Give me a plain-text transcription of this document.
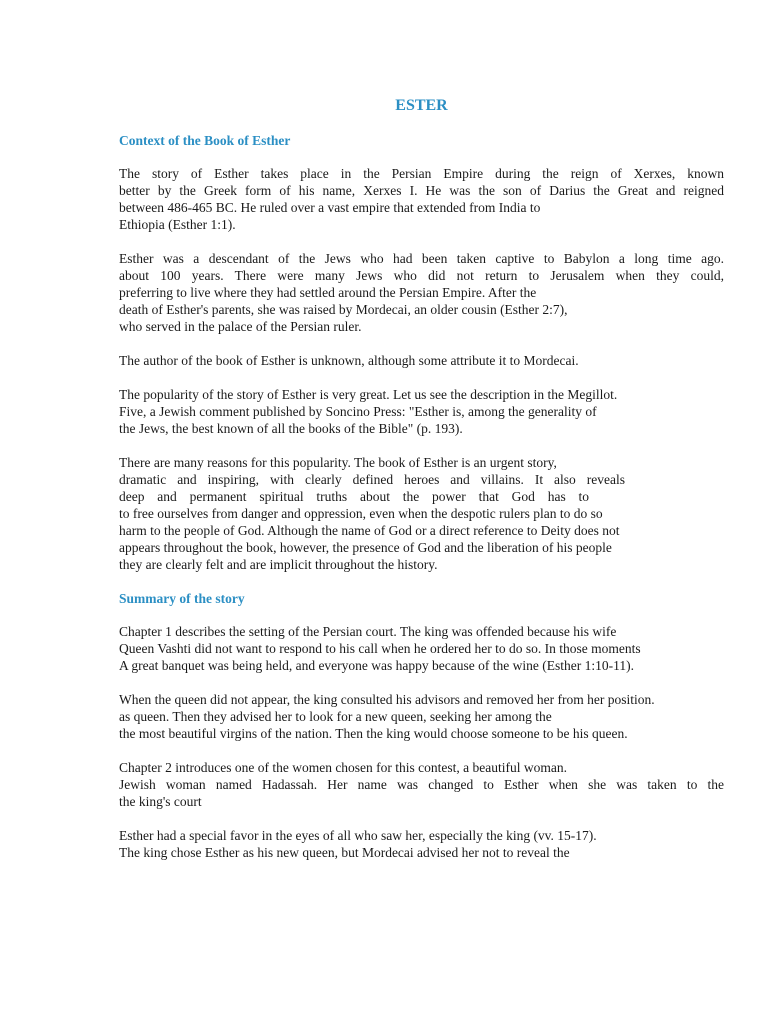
ESTER
Context of the Book of Esther
The story of Esther takes place in the Persian Empire during the reign of Xerxes, known
better by the Greek form of his name, Xerxes I. He was the son of Darius the Great and reigned
between 486-465 BC. He ruled over a vast empire that extended from India to
Ethiopia (Esther 1:1).
Esther was a descendant of the Jews who had been taken captive to Babylon a long time ago.
about 100 years. There were many Jews who did not return to Jerusalem when they could,
preferring to live where they had settled around the Persian Empire. After the
death of Esther's parents, she was raised by Mordecai, an older cousin (Esther 2:7),
who served in the palace of the Persian ruler.
The author of the book of Esther is unknown, although some attribute it to Mordecai.
The popularity of the story of Esther is very great. Let us see the description in the Megillot.
Five, a Jewish comment published by Soncino Press: "Esther is, among the generality of
the Jews, the best known of all the books of the Bible" (p. 193).
There are many reasons for this popularity. The book of Esther is an urgent story,
dramatic and inspiring, with clearly defined heroes and villains. It also reveals
deep and permanent spiritual truths about the power that God has to
to free ourselves from danger and oppression, even when the despotic rulers plan to do so
harm to the people of God. Although the name of God or a direct reference to Deity does not
appears throughout the book, however, the presence of God and the liberation of his people
they are clearly felt and are implicit throughout the history.
Summary of the story
Chapter 1 describes the setting of the Persian court. The king was offended because his wife
Queen Vashti did not want to respond to his call when he ordered her to do so. In those moments
A great banquet was being held, and everyone was happy because of the wine (Esther 1:10-11).
When the queen did not appear, the king consulted his advisors and removed her from her position.
as queen. Then they advised her to look for a new queen, seeking her among the
the most beautiful virgins of the nation. Then the king would choose someone to be his queen.
Chapter 2 introduces one of the women chosen for this contest, a beautiful woman.
Jewish woman named Hadassah. Her name was changed to Esther when she was taken to the
the king's court
Esther had a special favor in the eyes of all who saw her, especially the king (vv. 15-17).
The king chose Esther as his new queen, but Mordecai advised her not to reveal the
